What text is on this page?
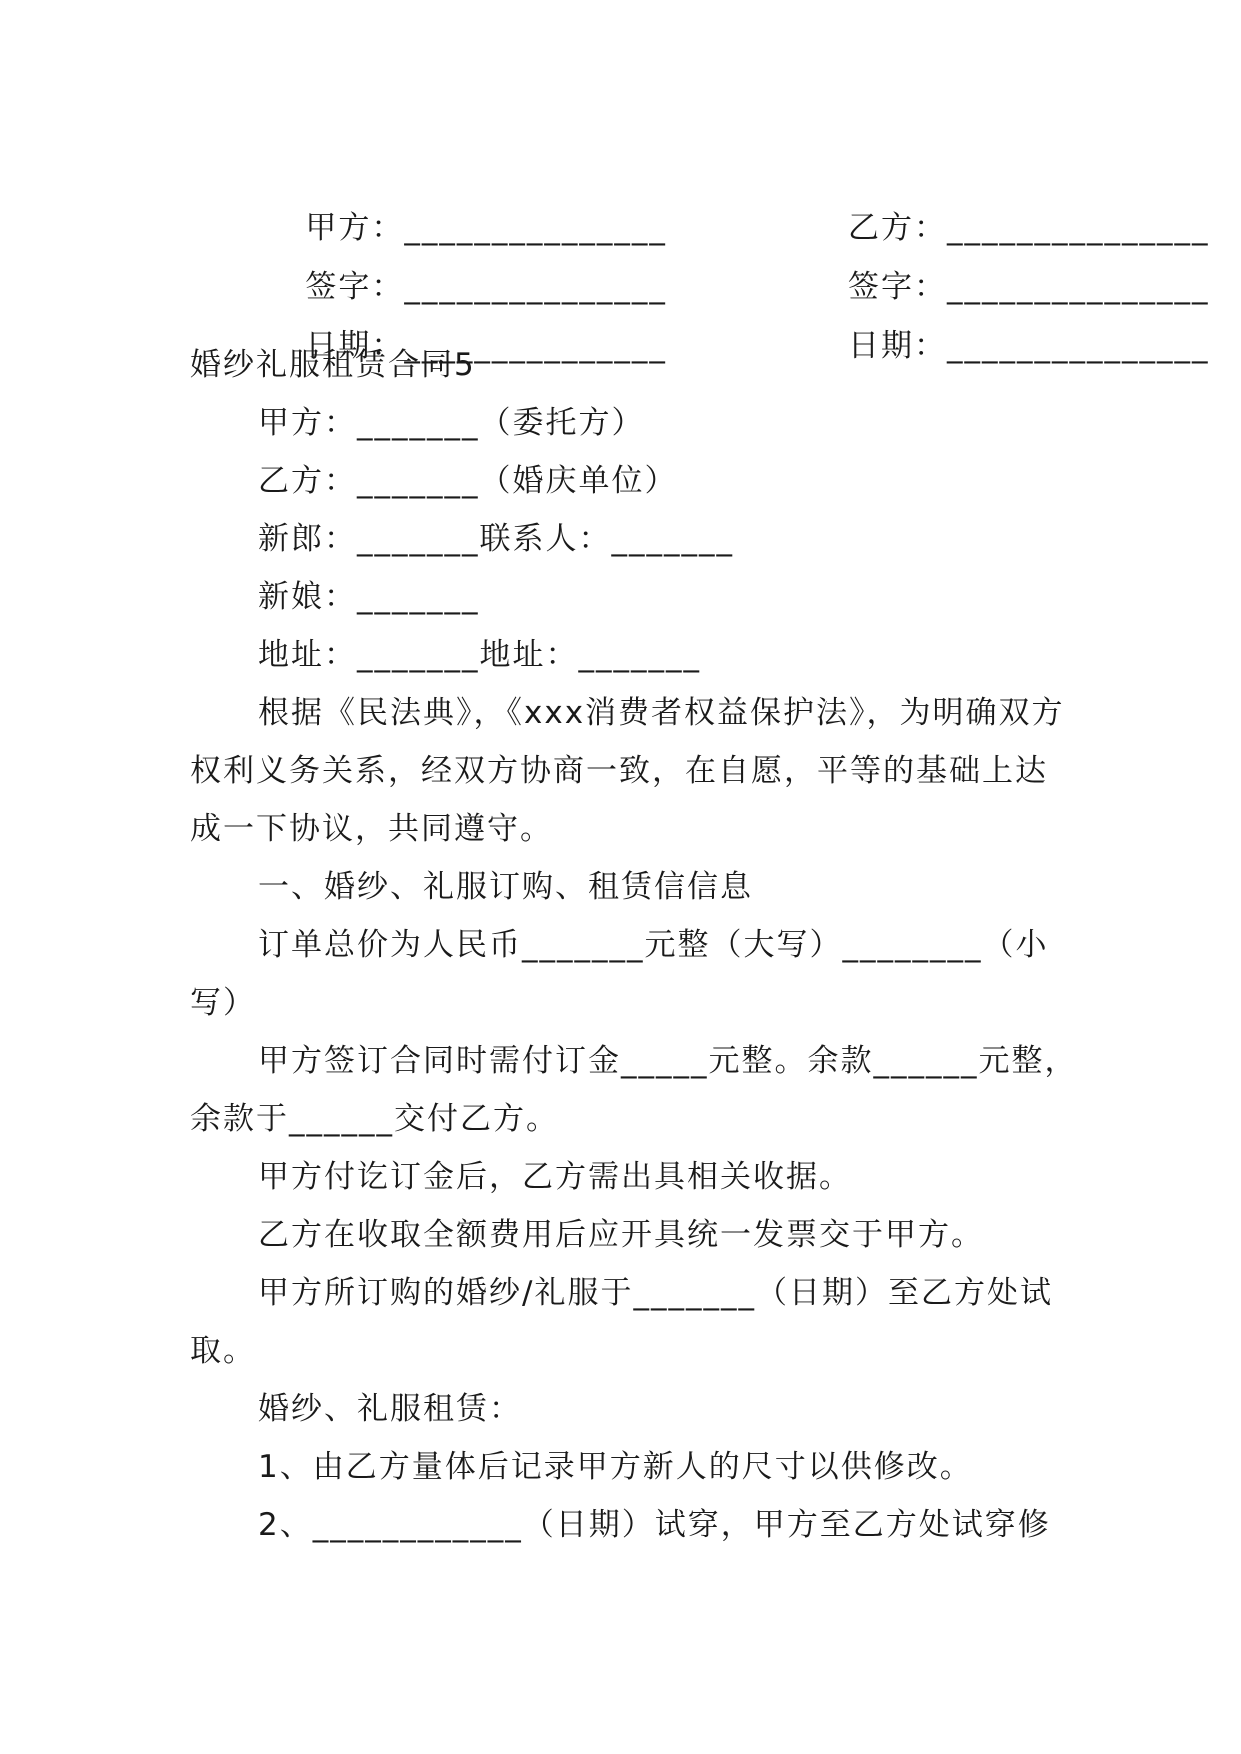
甲方：_______________	乙方：_______________

签字：_______________	签字：_______________

日期：_______________	日期：_______________

婚纱礼服租赁合同5
甲方：_______（委托方）
乙方：_______（婚庆单位）
新郎：_______联系人：_______
新娘：_______
地址：_______地址：_______
根据《民法典》，《xxx消费者权益保护法》，为明确双方
权利义务关系，经双方协商一致，在自愿，平等的基础上达
成一下协议，共同遵守。
一、婚纱、礼服订购、租赁信信息
订单总价为人民币_______元整（大写）________（小
写）
甲方签订合同时需付订金_____元整。余款______元整，
余款于______交付乙方。
甲方付讫订金后，乙方需出具相关收据。
乙方在收取全额费用后应开具统一发票交于甲方。
甲方所订购的婚纱/礼服于_______（日期）至乙方处试
取。
婚纱、礼服租赁：
1、由乙方量体后记录甲方新人的尺寸以供修改。
2、____________（日期）试穿，甲方至乙方处试穿修
